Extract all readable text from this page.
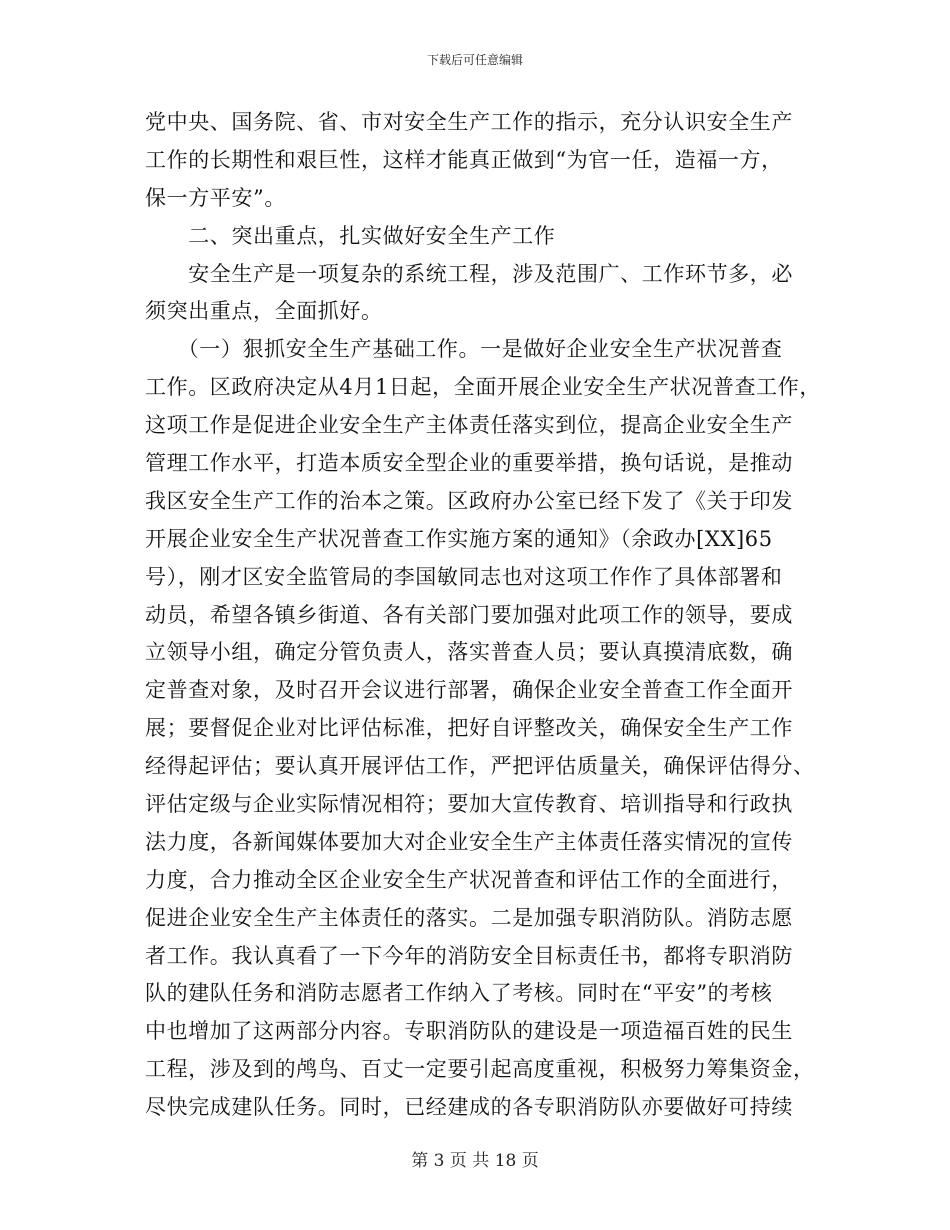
下载后可任意编辑
党中央、国务院、省、市对安全生产工作的指示，充分认识安全生产
工作的长期性和艰巨性，这样才能真正做到“为官一任，造福一方，
保一方平安”。
　　二、突出重点，扎实做好安全生产工作
　　安全生产是一项复杂的系统工程，涉及范围广、工作环节多，必
须突出重点，全面抓好。
　　（一）狠抓安全生产基础工作。一是做好企业安全生产状况普查
工作。区政府决定从4月1日起，全面开展企业安全生产状况普查工作，
这项工作是促进企业安全生产主体责任落实到位，提高企业安全生产
管理工作水平，打造本质安全型企业的重要举措，换句话说，是推动
我区安全生产工作的治本之策。区政府办公室已经下发了《关于印发
开展企业安全生产状况普查工作实施方案的通知》（余政办[XX]65
号），刚才区安全监管局的李国敏同志也对这项工作作了具体部署和
动员，希望各镇乡街道、各有关部门要加强对此项工作的领导，要成
立领导小组，确定分管负责人，落实普查人员；要认真摸清底数，确
定普查对象，及时召开会议进行部署，确保企业安全普查工作全面开
展；要督促企业对比评估标准，把好自评整改关，确保安全生产工作
经得起评估；要认真开展评估工作，严把评估质量关，确保评估得分、
评估定级与企业实际情况相符；要加大宣传教育、培训指导和行政执
法力度，各新闻媒体要加大对企业安全生产主体责任落实情况的宣传
力度，合力推动全区企业安全生产状况普查和评估工作的全面进行，
促进企业安全生产主体责任的落实。二是加强专职消防队。消防志愿
者工作。我认真看了一下今年的消防安全目标责任书，都将专职消防
队的建队任务和消防志愿者工作纳入了考核。同时在“平安”的考核
中也增加了这两部分内容。专职消防队的建设是一项造福百姓的民生
工程，涉及到的鸬鸟、百丈一定要引起高度重视，积极努力筹集资金，
尽快完成建队任务。同时，已经建成的各专职消防队亦要做好可持续
第 3 页 共 18 页
